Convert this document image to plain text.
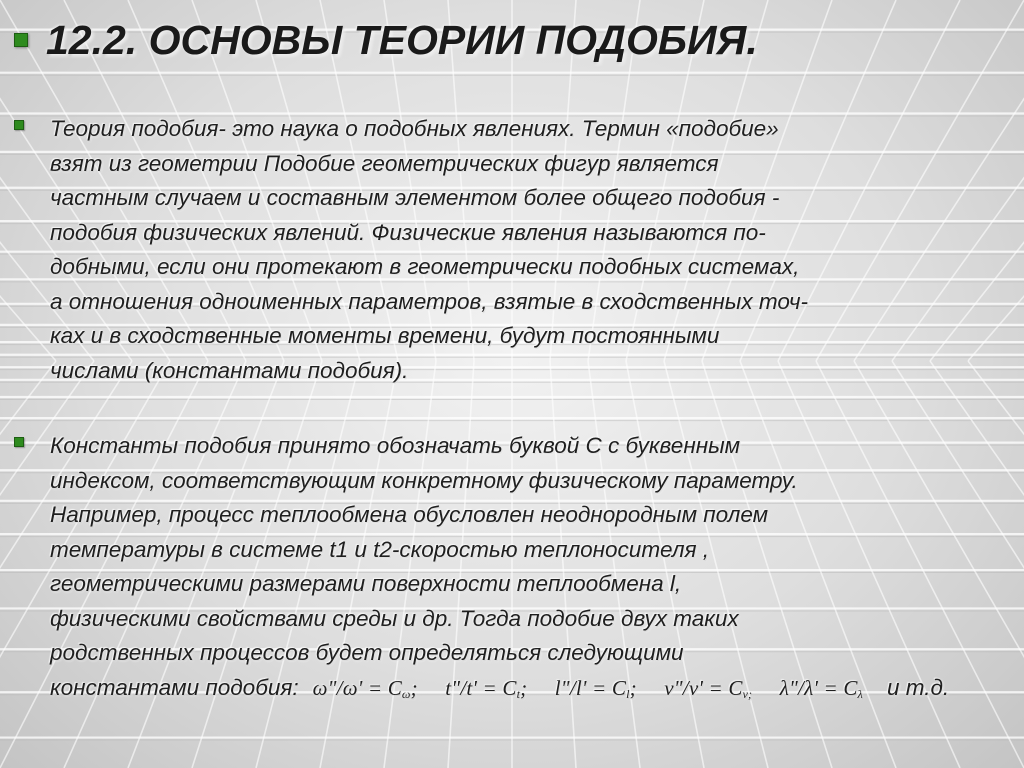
12.2. ОСНОВЫ ТЕОРИИ ПОДОБИЯ.
Теория подобия- это наука о подобных явлениях. Термин «подобие»
взят из геометрии Подобие геометрических фигур является
частным случаем и составным элементом более общего подобия -
подобия физических явлений. Физические явления называются по-
добными, если они протекают в геометрически подобных системах,
а отношения одноименных параметров, взятые в сходственных точ-
ках и в сходственные моменты времени, будут постоянными
числами (константами подобия).
Константы подобия принято обозначать буквой С с буквенным
индексом, соответствующим конкретному физическому параметру.
Например, процесс теплообмена обусловлен неоднородным полем
температуры в системе t1 и t2-скоростью теплоносителя ,
геометрическими размерами поверхности теплообмена l,
физическими свойствами среды и др. Тогда подобие двух таких
родственных процессов будет определяться следующими
константами подобия: ω"/ω' = $C_\omega$; t"/t' = $C_t$; l"/l' = $C_l$; v"/v' = $C_{v;}$ λ"/λ' = $C_\lambda$ и т.д.
